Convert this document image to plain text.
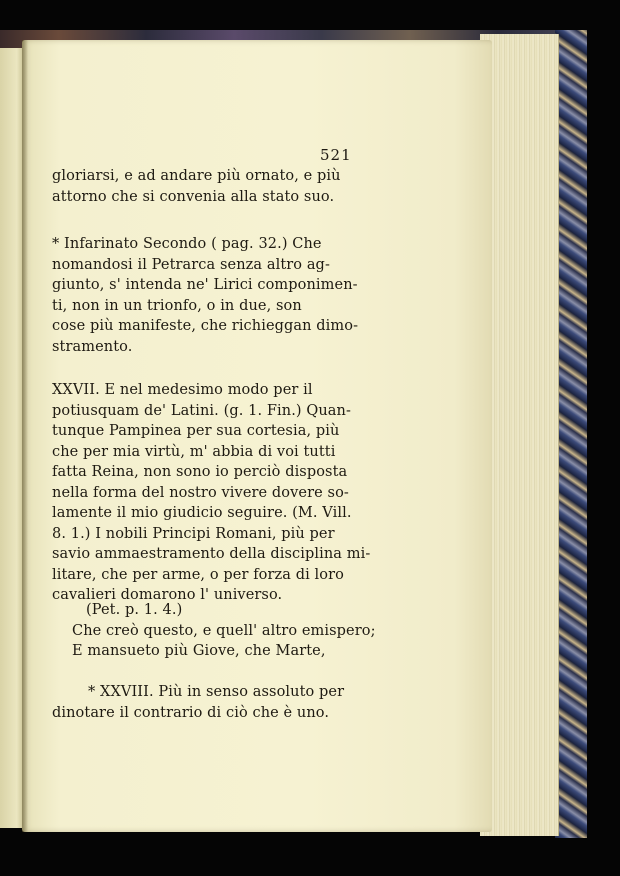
521
gloriarsi, e ad andare più ornato, e più
attorno che si convenia alla stato suo.
* Infarinato Secondo ( pag. 32.) Che
nomandosi il Petrarca senza altro ag-
giunto, s' intenda ne' Lirici componimen-
ti, non in un trionfo, o in due, son
cose più manifeste, che richieggan dimo-
stramento.
XXVII. E nel medesimo modo per il
potiusquam de' Latini. (g. 1. Fin.) Quan-
tunque Pampinea per sua cortesia, più
che per mia virtù, m' abbia di voi tutti
fatta Reina, non sono io perciò disposta
nella forma del nostro vivere dovere so-
lamente il mio giudicio seguire. (M. Vill.
8. 1.) I nobili Principi Romani, più per
savio ammaestramento della disciplina mi-
litare, che per arme, o per forza di loro
cavalieri domarono l' universo.
(Pet. p. 1. 4.)
Che creò questo, e quell' altro emispero;
E mansueto più Giove, che Marte,
* XXVIII. Più in senso assoluto per
dinotare il contrario di ciò che è uno.
